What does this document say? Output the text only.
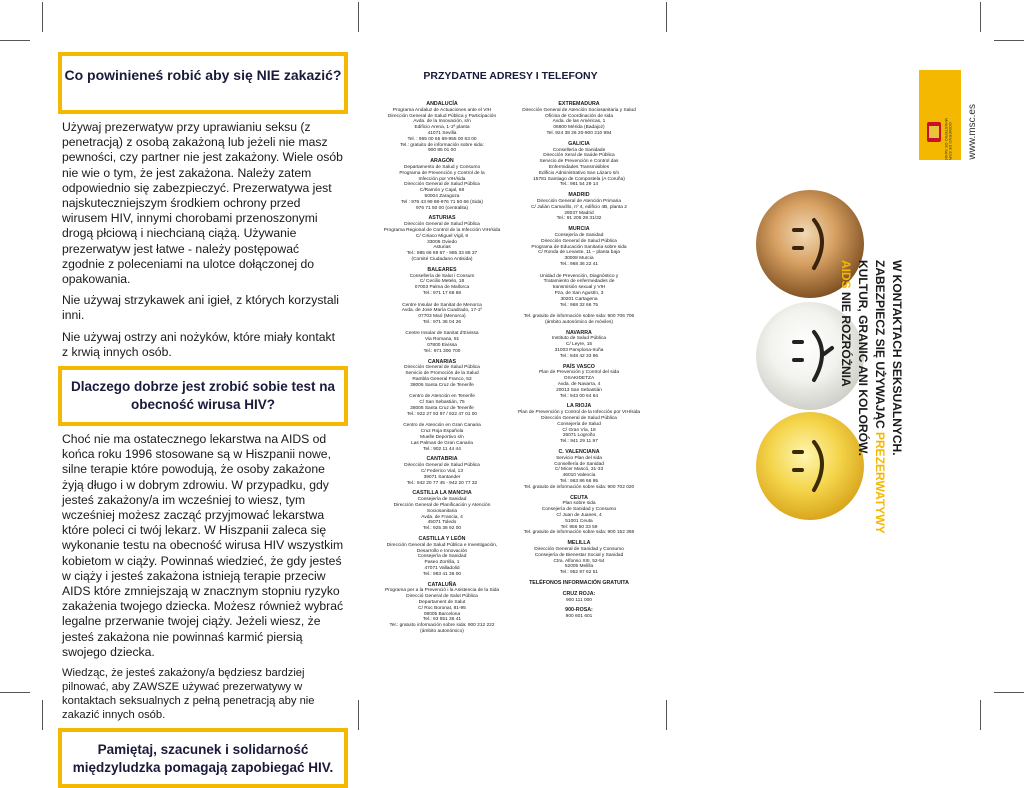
Co powinieneś robić aby się NIE zakazić?
Używaj prezerwatyw przy uprawianiu seksu (z penetracją) z osobą zakażoną lub jeżeli nie masz pewności, czy partner nie jest zakażony. Wiele osób nie wie o tym, że jest zakażona. Należy zatem odpowiednio się zabezpieczyć. Prezerwatywa jest najskuteczniejszym środkiem ochrony przed wirusem HIV, innymi chorobami przenoszonymi drogą płciową i niechcianą ciążą. Używanie prezerwatyw jest łatwe - należy postępować zgodnie z poleceniami na ulotce dołączonej do opakowania.
Nie używaj strzykawek ani igieł, z których korzystali inni.
Nie używaj ostrzy ani nożyków, które miały kontakt z krwią innych osób.
Dlaczego dobrze jest zrobić sobie test na obecność wirusa HIV?
Choć nie ma ostatecznego lekarstwa na AIDS od końca roku 1996 stosowane są w Hiszpanii nowe, silne terapie które powodują, że osoby zakażone żyją długo i w dobrym zdrowiu. W przypadku, gdy jesteś zakażony/a im wcześniej to wiesz, tym wcześniej możesz zacząć przyjmować lekarstwa które poleci ci twój lekarz. W Hiszpanii zaleca się wykonanie testu na obecność wirusa HIV wszystkim kobietom w ciąży. Powinnaś wiedzieć, że gdy jesteś w ciąży i jesteś zakażona istnieją terapie przeciw AIDS które zmniejszają w znacznym stopniu ryzyko zakażenia twojego dziecka. Możesz również wybrać legalne przerwanie twojej ciąży. Jeżeli wiesz, że jesteś zakażona nie powinnaś karmić piersią swojego dziecka.
Wiedząc, że jesteś zakażony/a będziesz bardziej pilnować, aby ZAWSZE używać prezerwatywy w kontaktach seksualnych z pełną penetracją aby nie zakazić innych osób.
Pamiętaj, szacunek i solidarność międzyludzka pomagają zapobiegać HIV.
PRZYDATNE ADRESY I TELEFONY
ANDALUCÍA
Programa Andaluz de Actuaciones ante el VIH
Dirección General de Salud Pública y Participación
Avda. de la Innovación, s/n
Edificio Arena, 1-1ª planta
41071 Sevilla
Tel. : 955 00 65 69-955 00 63 00
Tel.: gratuito de información sobre sida:
900 85 01 00
ARAGÓN
Departamento de Salud y Consumo
Programa de Prevención y Control de la
Infección por VIH/sida
Dirección General de Salud Pública
C/Ramón y Cajal, 68
50004 Zaragoza
Tel : 976 43 99 88-976 71 50 66 (Sida)
976 71 50 00 (centralita)
ASTURIAS
Dirección General de Salud Pública
Programa Regional de Control de la Infección VIH/sida
C/ Ciriaco Miguel Vigil, 9
33006 Oviedo
Asturias
Tel.: 985 66 69 67 - 985 33 88 37
(Comité Ciudadano Antisida)
BALEARES
Consellería de Salut i Consum
C/ Cecilio Metelo, 18
07003 Palma de Mallorca
Tel.: 971 17 68 68

Centre Insular de Sanitat de Menorca
Avda. de Jose María Cuadrado, 17-1º
07703 Maó (Menorca)
Tel.: 971 36 04 26

Centre Insular de Sanitat d'Eivissa
Via Romana, 81
07800 Eivissa
Tel.: 971 306 700
CANARIAS
Dirección General de Salud Pública
Servicio de Promoción de la Salud
Rambla General Franco, 53
38006 Santa Cruz de Tenerife

Centro de Atención en Tenerife
C/ San Sebastián, 75
38005 Santa Cruz de Tenerife
Tel.: 922 27 93 97 / 922 47 01 00

Centro de Atención en Gran Canaria
Cruz Roja Española
Muelle Deportivo s/n
Las Palmas de Gran Canaria
Tel.: 902 11 44 44
CANTABRIA
Dirección General de Salud Pública
C/ Federico Vial, 13
39071 Santander
Tel.: 942 20 77 45 - 942 20 77 32
CASTILLA LA MANCHA
Consejería de Sanidad
Dirección General de Planificación y Atención Sociosanitaria
Avda. de Francia, 4
45071 Toledo
Tel.: 925 38 92 00
CASTILLA Y LEÓN
Dirección General de Salud Pública e Investigación,
Desarrollo e Innovación
Consejería de Sanidad
Paseo Zorrilla, 1
47071 Valladolid
Tel.: 983 41 36 00
CATALUÑA
Programa per a la Prevenció i la Asistencia de la Sida
Direcció General de Salut Pública
Departament de Salut
C/ Roc Boronat, 81-95
08005 Barcelona
Tel.: 93 551 36 41
Tel.: gratuito información sobre sida: 900 212 222
(ámbito autonómico)
EXTREMADURA
Dirección General de Atención Sociosanitaria y Salud
Oficina de Coordinación de sida
Avda. de las Américas, 1
06800 Mérida (Badajoz)
Tel. 924 38 26 20-900 210 994
GALICIA
Consellería de Sanidade
Dirección Xeral de Saúde Pública
Servicio de Prevención e Control das
Enfermidades Transmisibles
Edificio Administrativo San Lázaro s/n
15781 Santiago de Compostela (A Coruña)
Tel.: 981 54 29 14
MADRID
Dirección General de Atención Primaria
C/ Julián Camarillo, nº 4, edificio 4B, planta 2
28037 Madrid
Tel.: 91 205 29 31/32
MURCIA
Consejería de Sanidad
Dirección General de Salud Pública
Programa de Educación Sanitaria sobre sida
C/ Ronda de Levante, 11 – planta baja
30008 Murcia
Tel.: 968 36 22 41

Unidad de Prevención, Diagnóstico y
Tratamiento de enfermedades de
transmisión sexual y VIH
Pza. de San Agustín, 3
30201 Cartagena
Tel.: 968 32 66 75

Tel. gratuito de información sobre sida: 900 706 706
(ámbito autonómico de móviles)
NAVARRA
Instituto de Salud Pública
C/ Leyre, 15
31003 Pamplona-Iruña
Tel.: 848 42 33 96
PAÍS VASCO
Plan de Prevención y Control del sida
OSAKIDETZA
Avda. de Navarra, 4
20013 San Sebastián
Tel.: 943 00 64 64
LA RIOJA
Plan de Prevención y Control de la Infección por VIH/sida
Dirección General de Salud Pública
Consejería de Salud
C/ Gran Vía, 18
26071 Logroño
Tel.: 941 29 11 97
C. VALENCIANA
Servicio Plan del sida
Consellería de Sanidad
C/ Micer Mascó, 31-33
46010 Valencia
Tel.: 963 86 66 95
Tel. gratuito de información sobre sida: 900 702 020
CEUTA
Plan sobre sida
Consejería de Sanidad y Consumo
C/ Juan de Juanes, 4
51001 Ceuta
Tel: 956 50 33 59
Tel. gratuito de información sobre sida: 900 152 368
MELILLA
Dirección General de Sanidad y Consumo
Consejería de Bienestar Social y Sanidad
Ctra. Alfonso XIII, 52-54
52005 Melilla
Tel.: 952 97 62 51
TELÉFONOS INFORMACIÓN GRATUITA
CRUZ ROJA:
900 111 000
900-ROSA:
900 601 601
AIDS NIE ROZRÓŻNIA KULTUR, GRANIC ANI KOLORÓW. ZABEZPIECZ SIĘ UŻYWAJĄC PREZERWATYWY
W KONTAKTACH SEKSUALNYCH.
MINISTERIO DE SANIDAD Y CONSUMO GOBIERNO DE ESPAÑA www.msc.es
